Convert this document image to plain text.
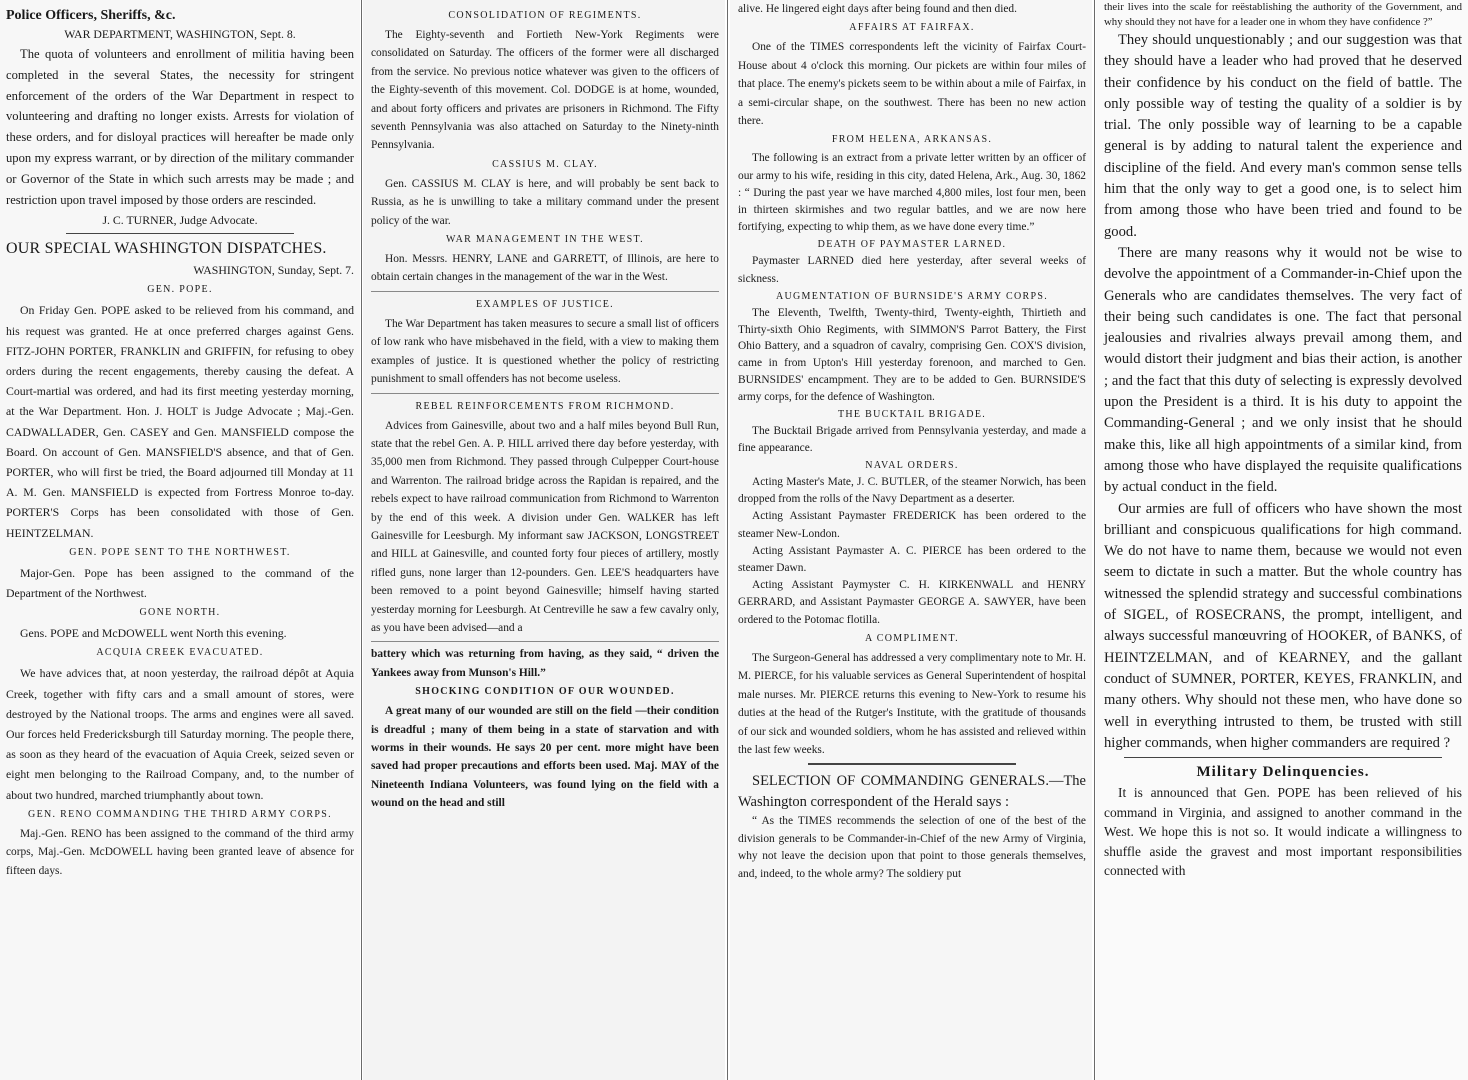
Police Officers, Sheriffs, &c.

WAR DEPARTMENT, WASHINGTON, Sept. 8.

The quota of volunteers and enrollment of militia having been completed in the several States, the necessity for stringent enforcement of the orders of the War Department in respect to volunteering and drafting no longer exists. Arrests for violation of these orders, and for disloyal practices will hereafter be made only upon my express warrant, or by direction of the military commander or Governor of the State in which such arrests may be made ; and restriction upon travel imposed by those orders are rescinded.

J. C. TURNER, Judge Advocate.

OUR SPECIAL WASHINGTON DISPATCHES.

WASHINGTON, Sunday, Sept. 7.

GEN. POPE.

On Friday Gen. POPE asked to be relieved from his command, and his request was granted. He at once preferred charges against Gens. FITZ-JOHN PORTER, FRANKLIN and GRIFFIN, for refusing to obey orders during the recent engagements, thereby causing the defeat. A Court-martial was ordered, and had its first meeting yesterday morning, at the War Department. Hon. J. HOLT is Judge Advocate ; Maj.-Gen. CADWALLADER, Gen. CASEY and Gen. MANSFIELD compose the Board. On account of Gen. MANSFIELD'S absence, and that of Gen. PORTER, who will first be tried, the Board adjourned till Monday at 11 A. M. Gen. MANSFIELD is expected from Fortress Monroe to-day. PORTER'S Corps has been consolidated with those of Gen. HEINTZELMAN.

GEN. POPE SENT TO THE NORTHWEST.

Major-Gen. Pope has been assigned to the command of the Department of the Northwest.

GONE NORTH.

Gens. POPE and McDOWELL went North this evening.

ACQUIA CREEK EVACUATED.

We have advices that, at noon yesterday, the railroad dépôt at Aquia Creek, together with fifty cars and a small amount of stores, were destroyed by the National troops. The arms and engines were all saved. Our forces held Fredericksburgh till Saturday morning. The people there, as soon as they heard of the evacuation of Aquia Creek, seized seven or eight men belonging to the Railroad Company, and, to the number of about two hundred, marched triumphantly about town.

GEN. RENO COMMANDING THE THIRD ARMY CORPS.

Maj.-Gen. RENO has been assigned to the command of the third army corps, Maj.-Gen. McDOWELL having been granted leave of absence for fifteen days.

CONSOLIDATION OF REGIMENTS.

The Eighty-seventh and Fortieth New-York Regiments were consolidated on Saturday. The officers of the former were all discharged from the service. No previous notice whatever was given to the officers of the Eighty-seventh of this movement. Col. DODGE is at home, wounded, and about forty officers and privates are prisoners in Richmond. The Fifty seventh Pennsylvania was also attached on Saturday to the Ninety-ninth Pennsylvania.

CASSIUS M. CLAY.

Gen. CASSIUS M. CLAY is here, and will probably be sent back to Russia, as he is unwilling to take a military command under the present policy of the war.

WAR MANAGEMENT IN THE WEST.

Hon. Messrs. HENRY, LANE and GARRETT, of Illinois, are here to obtain certain changes in the management of the war in the West.

EXAMPLES OF JUSTICE.

The War Department has taken measures to secure a small list of officers of low rank who have misbehaved in the field, with a view to making them examples of justice. It is questioned whether the policy of restricting punishment to small offenders has not become useless.

REBEL REINFORCEMENTS FROM RICHMOND.

Advices from Gainesville, about two and a half miles beyond Bull Run, state that the rebel Gen. A. P. HILL arrived there day before yesterday, with 35,000 men from Richmond. They passed through Culpepper Court-house and Warrenton. The railroad bridge across the Rapidan is repaired, and the rebels expect to have railroad communication from Richmond to Warrenton by the end of this week. A division under Gen. WALKER has left Gainesville for Leesburgh. My informant saw JACKSON, LONGSTREET and HILL at Gainesville, and counted forty four pieces of artillery, mostly rifled guns, none larger than 12-pounders. Gen. LEE'S headquarters have been removed to a point beyond Gainesville; himself having started yesterday morning for Leesburgh. At Centreville he saw a few cavalry only, as you have been advised—and a

battery which was returning from having, as they said, “ driven the Yankees away from Munson's Hill.”

SHOCKING CONDITION OF OUR WOUNDED.

A great many of our wounded are still on the field —their condition is dreadful ; many of them being in a state of starvation and with worms in their wounds. He says 20 per cent. more might have been saved had proper precautions and efforts been used. Maj. MAY of the Nineteenth Indiana Volunteers, was found lying on the field with a wound on the head and still

alive. He lingered eight days after being found and then died.

AFFAIRS AT FAIRFAX.

One of the TIMES correspondents left the vicinity of Fairfax Court-House about 4 o'clock this morning. Our pickets are within four miles of that place. The enemy's pickets seem to be within about a mile of Fairfax, in a semi-circular shape, on the southwest. There has been no new action there.

FROM HELENA, ARKANSAS.

The following is an extract from a private letter written by an officer of our army to his wife, residing in this city, dated Helena, Ark., Aug. 30, 1862 : “ During the past year we have marched 4,800 miles, lost four men, been in thirteen skirmishes and two regular battles, and we are now here fortifying, expecting to whip them, as we have done every time.”

DEATH OF PAYMASTER LARNED.

Paymaster LARNED died here yesterday, after several weeks of sickness.

AUGMENTATION OF BURNSIDE'S ARMY CORPS.

The Eleventh, Twelfth, Twenty-third, Twenty-eighth, Thirtieth and Thirty-sixth Ohio Regiments, with SIMMON'S Parrot Battery, the First Ohio Battery, and a squadron of cavalry, comprising Gen. COX'S division, came in from Upton's Hill yesterday forenoon, and marched to Gen. BURNSIDES' encampment. They are to be added to Gen. BURNSIDE'S army corps, for the defence of Washington.

THE BUCKTAIL BRIGADE.

The Bucktail Brigade arrived from Pennsylvania yesterday, and made a fine appearance.

NAVAL ORDERS.

Acting Master's Mate, J. C. BUTLER, of the steamer Norwich, has been dropped from the rolls of the Navy Department as a deserter.

Acting Assistant Paymaster FREDERICK has been ordered to the steamer New-London.

Acting Assistant Paymaster A. C. PIERCE has been ordered to the steamer Dawn.

Acting Assistant Paymyster C. H. KIRKENWALL and HENRY GERRARD, and Assistant Paymaster GEORGE A. SAWYER, have been ordered to the Potomac flotilla.

A COMPLIMENT.

The Surgeon-General has addressed a very complimentary note to Mr. H. M. PIERCE, for his valuable services as General Superintendent of hospital male nurses. Mr. PIERCE returns this evening to New-York to resume his duties at the head of the Rutger's Institute, with the gratitude of thousands of our sick and wounded soldiers, whom he has assisted and relieved within the last few weeks.

SELECTION OF COMMANDING GENERALS.—The Washington correspondent of the Herald says :

“ As the TIMES recommends the selection of one of the best of the division generals to be Commander-in-Chief of the new Army of Virginia, why not leave the decision upon that point to those generals themselves, and, indeed, to the whole army? The soldiery put

their lives into the scale for reëstablishing the authority of the Government, and why should they not have for a leader one in whom they have confidence ?”

They should unquestionably ; and our suggestion was that they should have a leader who had proved that he deserved their confidence by his conduct on the field of battle. The only possible way of testing the quality of a soldier is by trial. The only possible way of learning to be a capable general is by adding to natural talent the experience and discipline of the field. And every man's common sense tells him that the only way to get a good one, is to select him from among those who have been tried and found to be good.

There are many reasons why it would not be wise to devolve the appointment of a Commander-in-Chief upon the Generals who are candidates themselves. The very fact of their being such candidates is one. The fact that personal jealousies and rivalries always prevail among them, and would distort their judgment and bias their action, is another ; and the fact that this duty of selecting is expressly devolved upon the President is a third. It is his duty to appoint the Commanding-General ; and we only insist that he should make this, like all high appointments of a similar kind, from among those who have displayed the requisite qualifications by actual conduct in the field.

Our armies are full of officers who have shown the most brilliant and conspicuous qualifications for high command. We do not have to name them, because we would not even seem to dictate in such a matter. But the whole country has witnessed the splendid strategy and successful combinations of SIGEL, of ROSECRANS, the prompt, intelligent, and always successful manœuvring of HOOKER, of BANKS, of HEINTZELMAN, and of KEARNEY, and the gallant conduct of SUMNER, PORTER, KEYES, FRANKLIN, and many others. Why should not these men, who have done so well in everything intrusted to them, be trusted with still higher commands, when higher commanders are required ?

Military Delinquencies.

It is announced that Gen. POPE has been relieved of his command in Virginia, and assigned to another command in the West. We hope this is not so. It would indicate a willingness to shuffle aside the gravest and most important responsibilities connected with
